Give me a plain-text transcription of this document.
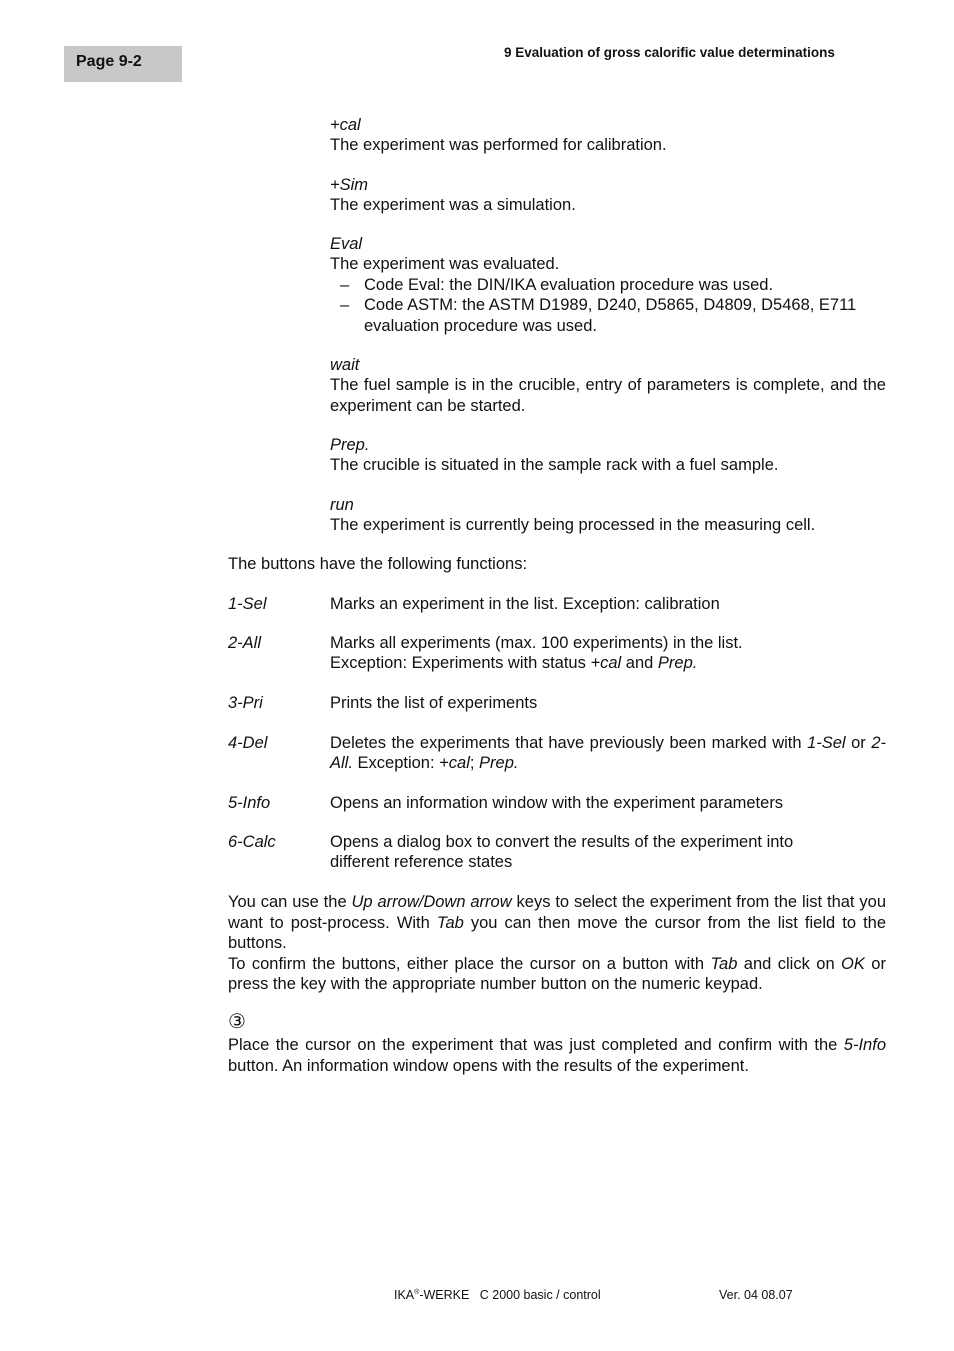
Page 9-2
9 Evaluation of gross calorific value determinations
+cal
The experiment was performed for calibration.
+Sim
The experiment was a simulation.
Eval
The experiment was evaluated.
– Code Eval: the DIN/IKA evaluation procedure was used.
– Code ASTM: the ASTM D1989, D240, D5865, D4809, D5468, E711 evaluation procedure was used.
wait
The fuel sample is in the crucible, entry of parameters is complete, and the experiment can be started.
Prep.
The crucible is situated in the sample rack with a fuel sample.
run
The experiment is currently being processed in the measuring cell.
The buttons have the following functions:
1-Sel	Marks an experiment in the list. Exception: calibration
2-All	Marks all experiments (max. 100 experiments) in the list.
Exception: Experiments with status +cal and Prep.
3-Pri	Prints the list of experiments
4-Del	Deletes the experiments that have previously been marked with 1-Sel or 2-All. Exception: +cal; Prep.
5-Info	Opens an information window with the experiment parameters
6-Calc	Opens a dialog box to convert the results of the experiment into
different reference states
You can use the Up arrow/Down arrow keys to select the experiment from the list that you want to post-process. With Tab you can then move the cursor from the list field to the buttons.
To confirm the buttons, either place the cursor on a button with Tab and click on OK or press the key with the appropriate number button on the numeric keypad.
③
Place the cursor on the experiment that was just completed and confirm with the 5-Info button. An information window opens with the results of the experiment.
IKA®-WERKE   C 2000 basic / control	Ver. 04 08.07
